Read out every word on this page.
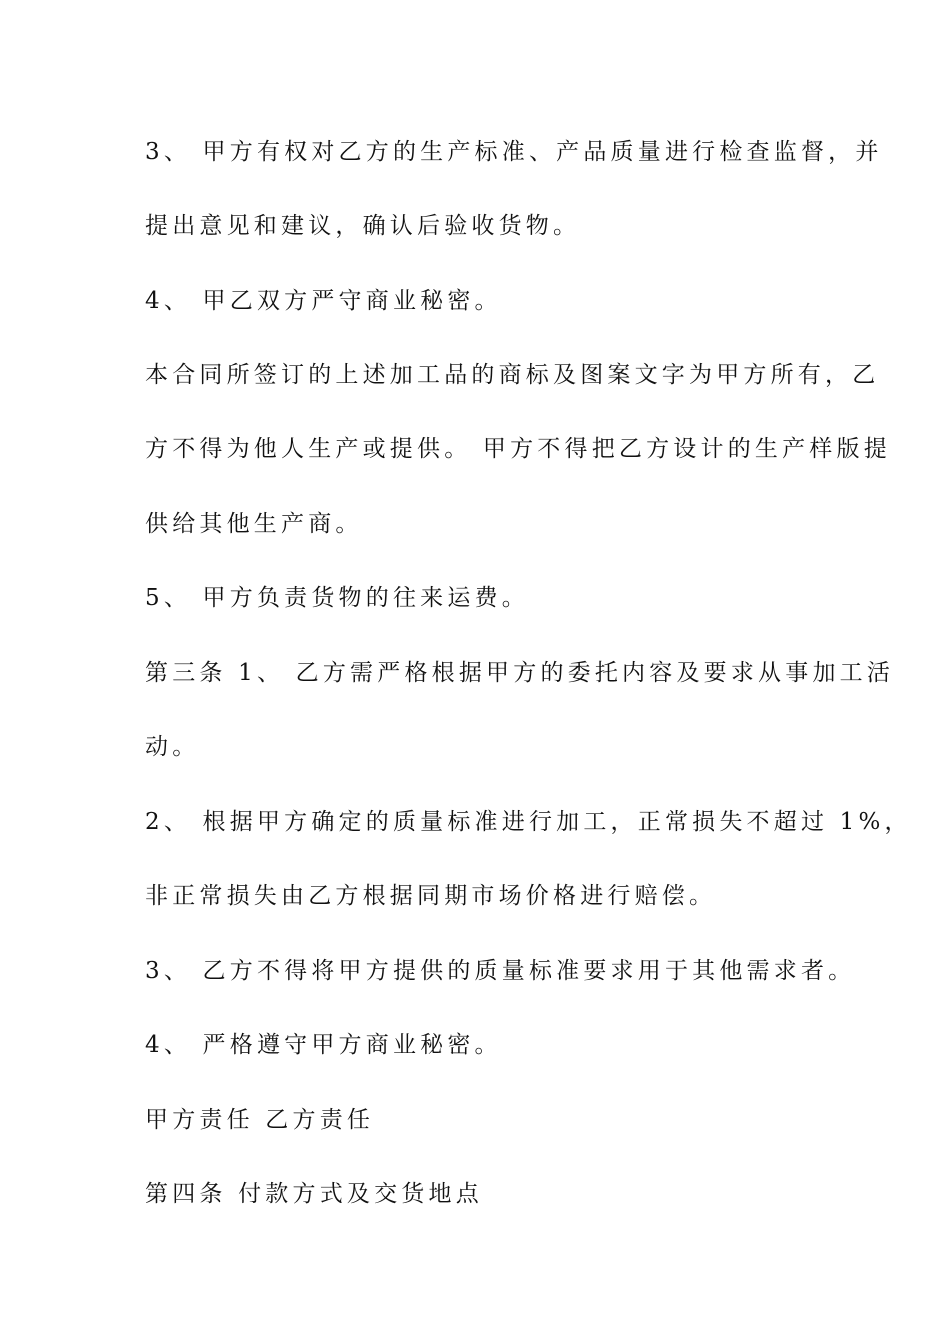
3、 甲方有权对乙方的生产标准、产品质量进行检查监督，并
提出意见和建议，确认后验收货物。
4、 甲乙双方严守商业秘密。
本合同所签订的上述加工品的商标及图案文字为甲方所有，乙
方不得为他人生产或提供。 甲方不得把乙方设计的生产样版提
供给其他生产商。
5、 甲方负责货物的往来运费。
第三条 1、 乙方需严格根据甲方的委托内容及要求从事加工活
动。
2、 根据甲方确定的质量标准进行加工，正常损失不超过 1%，
非正常损失由乙方根据同期市场价格进行赔偿。
3、 乙方不得将甲方提供的质量标准要求用于其他需求者。
4、 严格遵守甲方商业秘密。
甲方责任 乙方责任
第四条 付款方式及交货地点
